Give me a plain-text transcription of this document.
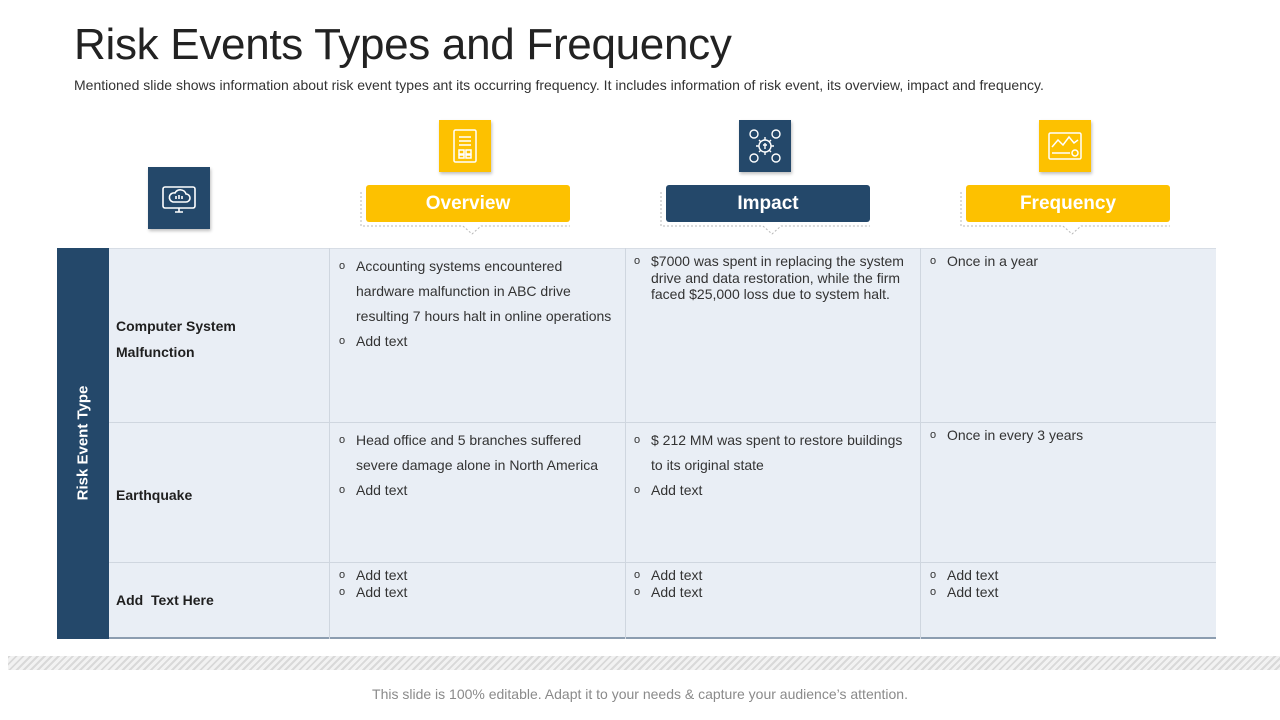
Risk Events Types and Frequency
Mentioned slide shows information about risk event types ant its occurring frequency. It includes information of risk event, its overview, impact and frequency.
Overview	Impact	Frequency
Risk Event Type
Computer System Malfunction
Earthquake
Add  Text Here
o Accounting systems encountered hardware malfunction in ABC drive resulting 7 hours halt in online operations
o Add text
o $7000 was spent in replacing the system drive and data restoration, while the firm faced $25,000 loss due to system halt.
o Once in a year
o Head office and 5 branches suffered severe damage alone in North America
o Add text
o $ 212 MM was spent to restore buildings to its original state
o Add text
o Once in every 3 years
o Add text
o Add text
o Add text
o Add text
o Add text
o Add text
This slide is 100% editable. Adapt it to your needs & capture your audience’s attention.
